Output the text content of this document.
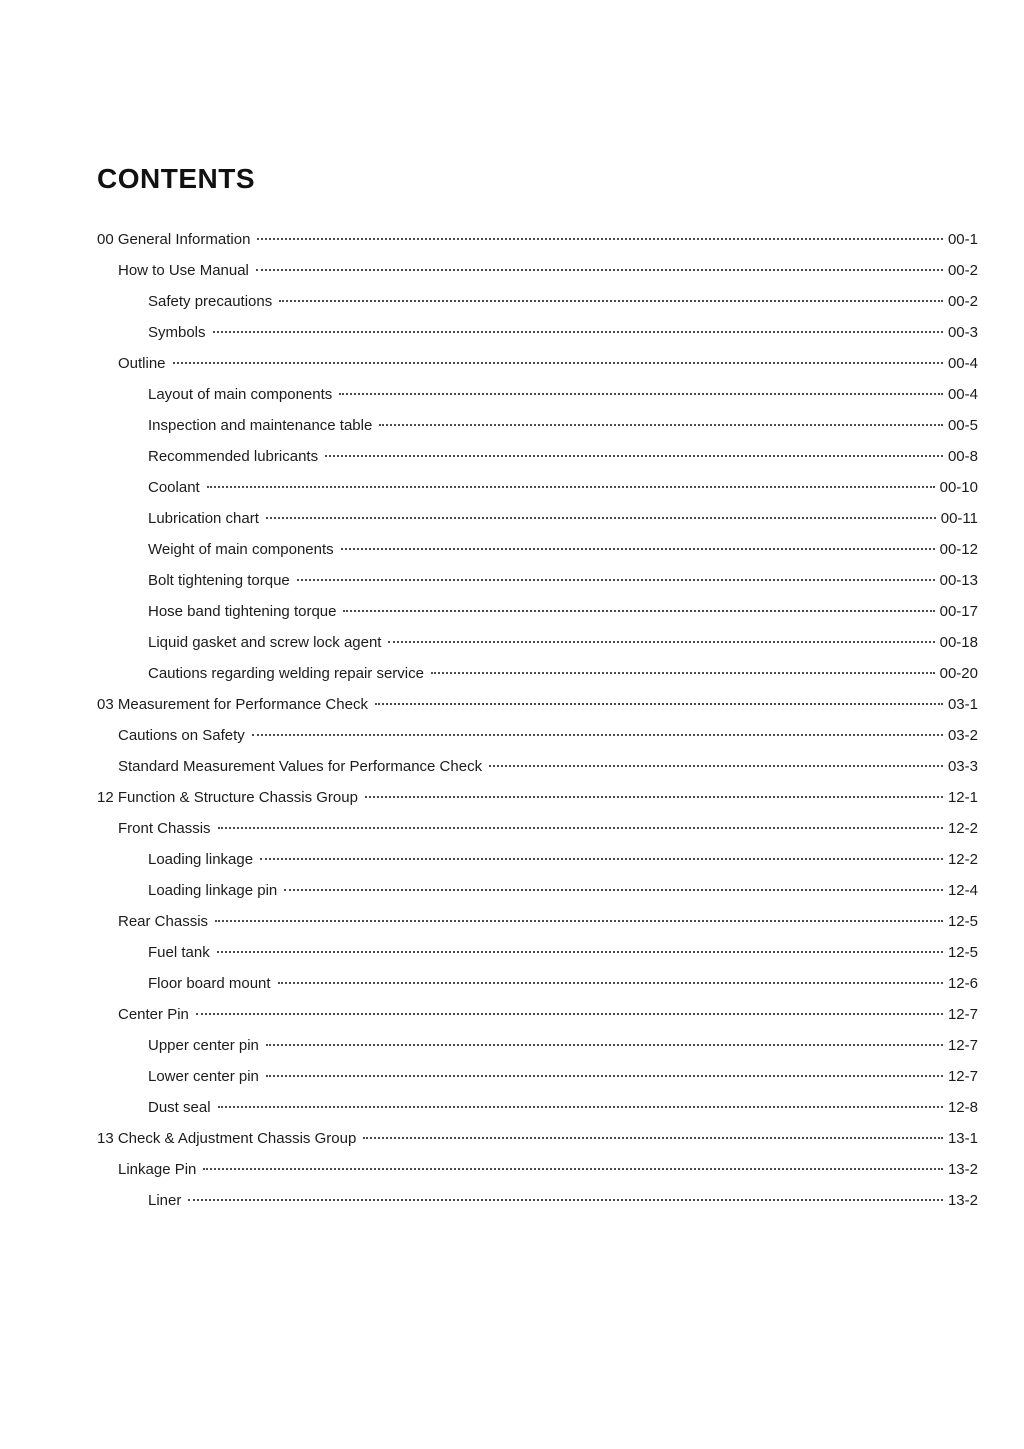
CONTENTS
00 General Information	00-1
How to Use Manual	00-2
Safety precautions	00-2
Symbols	00-3
Outline	00-4
Layout of main components	00-4
Inspection and maintenance table	00-5
Recommended lubricants	00-8
Coolant	00-10
Lubrication chart	00-11
Weight of main components	00-12
Bolt tightening torque	00-13
Hose band tightening torque	00-17
Liquid gasket and screw lock agent	00-18
Cautions regarding welding repair service	00-20
03 Measurement for Performance Check	03-1
Cautions on Safety	03-2
Standard Measurement Values for Performance Check	03-3
12 Function & Structure Chassis Group	12-1
Front Chassis	12-2
Loading linkage	12-2
Loading linkage pin	12-4
Rear Chassis	12-5
Fuel tank	12-5
Floor board mount	12-6
Center Pin	12-7
Upper center pin	12-7
Lower center pin	12-7
Dust seal	12-8
13 Check & Adjustment Chassis Group	13-1
Linkage Pin	13-2
Liner	13-2
